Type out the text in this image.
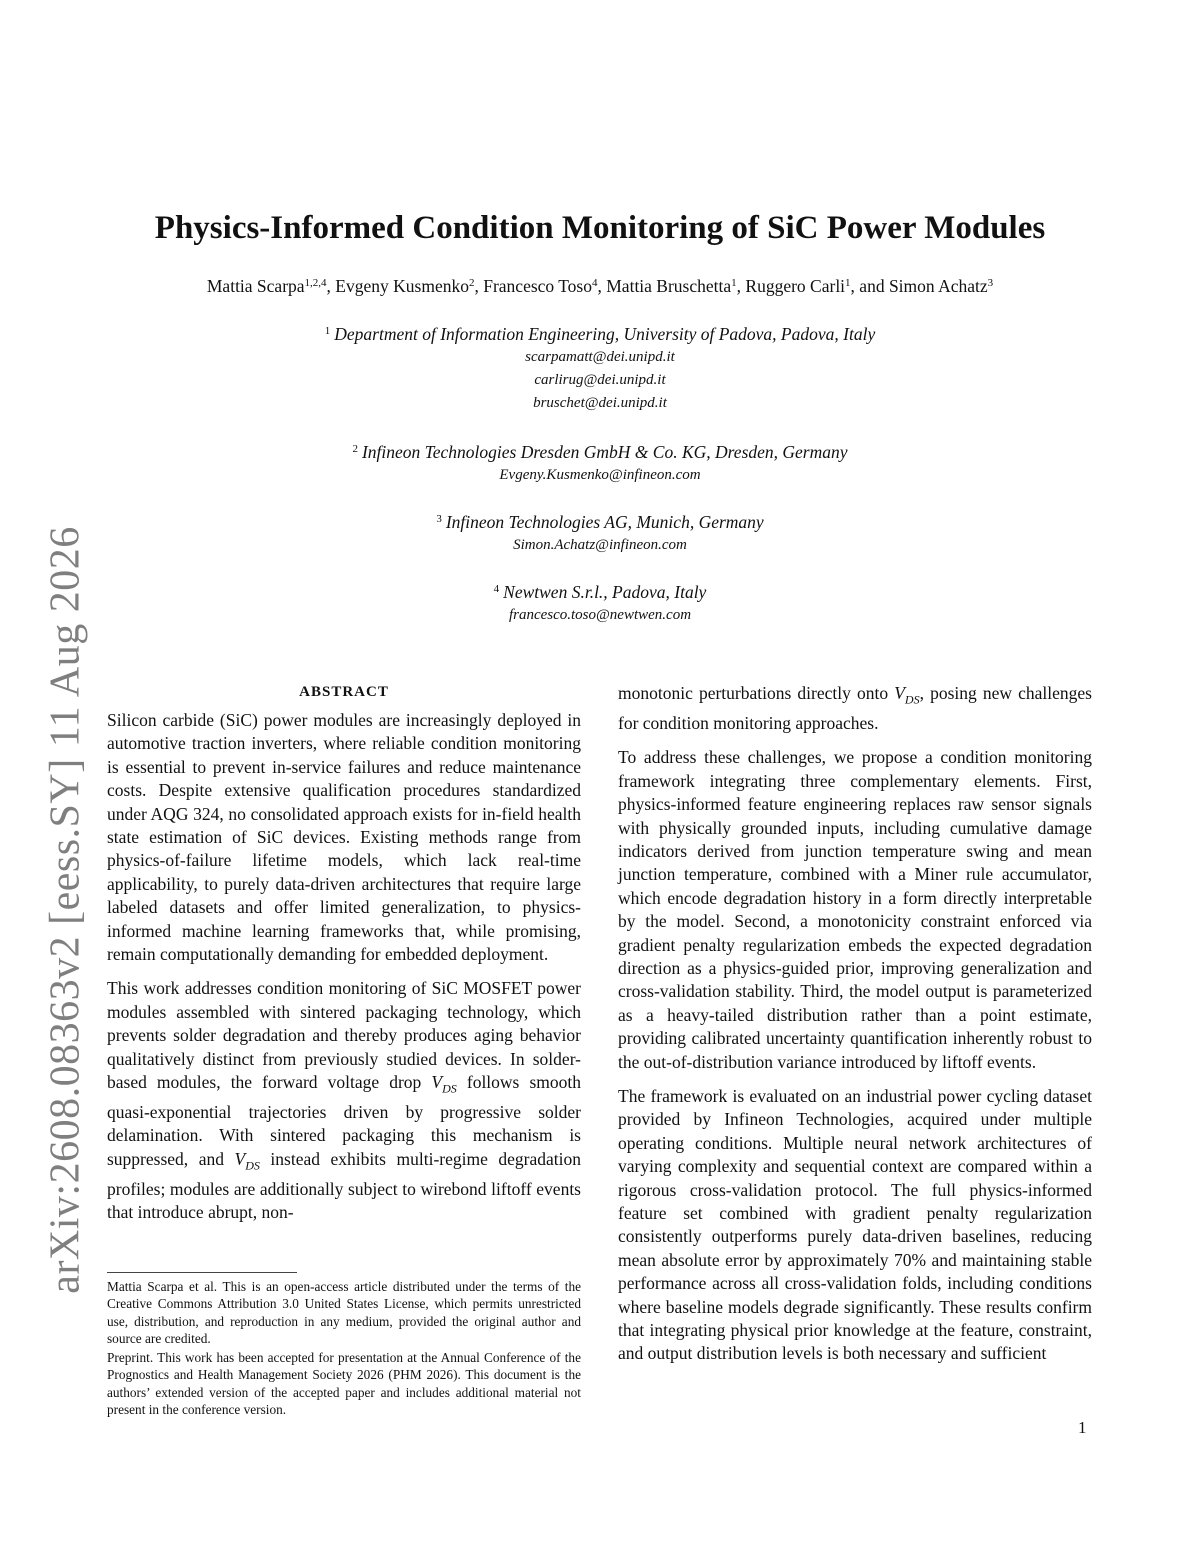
arXiv:2608.08363v2 [eess.SY] 11 Aug 2026
Physics-Informed Condition Monitoring of SiC Power Modules
Mattia Scarpa$^{1,2,4}$, Evgeny Kusmenko$^2$, Francesco Toso$^4$, Mattia Bruschetta$^1$, Ruggero Carli$^1$, and Simon Achatz$^3$
$^1$ Department of Information Engineering, University of Padova, Padova, Italy
scarpamatt@dei.unipd.it
carlirug@dei.unipd.it
bruschet@dei.unipd.it
$^2$ Infineon Technologies Dresden GmbH & Co. KG, Dresden, Germany
Evgeny.Kusmenko@infineon.com
$^3$ Infineon Technologies AG, Munich, Germany
Simon.Achatz@infineon.com
$^4$ Newtwen S.r.l., Padova, Italy
francesco.toso@newtwen.com
ABSTRACT

Silicon carbide (SiC) power modules are increasingly deployed in automotive traction inverters, where reliable condition monitoring is essential to prevent in-service failures and reduce maintenance costs. Despite extensive qualification procedures standardized under AQG 324, no consolidated approach exists for in-field health state estimation of SiC devices. Existing methods range from physics-of-failure lifetime models, which lack real-time applicability, to purely data-driven architectures that require large labeled datasets and offer limited generalization, to physics-informed machine learning frameworks that, while promising, remain computationally demanding for embedded deployment.

This work addresses condition monitoring of SiC MOSFET power modules assembled with sintered packaging technology, which prevents solder degradation and thereby produces aging behavior qualitatively distinct from previously studied devices. In solder-based modules, the forward voltage drop $V_{DS}$ follows smooth quasi-exponential trajectories driven by progressive solder delamination. With sintered packaging this mechanism is suppressed, and $V_{DS}$ instead exhibits multi-regime degradation profiles; modules are additionally subject to wirebond liftoff events that introduce abrupt, non-

Mattia Scarpa et al. This is an open-access article distributed under the terms of the Creative Commons Attribution 3.0 United States License, which permits unrestricted use, distribution, and reproduction in any medium, provided the original author and source are credited.

Preprint. This work has been accepted for presentation at the Annual Conference of the Prognostics and Health Management Society 2026 (PHM 2026). This document is the authors’ extended version of the accepted paper and includes additional material not present in the conference version.

monotonic perturbations directly onto $V_{DS}$, posing new challenges for condition monitoring approaches.

To address these challenges, we propose a condition monitoring framework integrating three complementary elements. First, physics-informed feature engineering replaces raw sensor signals with physically grounded inputs, including cumulative damage indicators derived from junction temperature swing and mean junction temperature, combined with a Miner rule accumulator, which encode degradation history in a form directly interpretable by the model. Second, a monotonicity constraint enforced via gradient penalty regularization embeds the expected degradation direction as a physics-guided prior, improving generalization and cross-validation stability. Third, the model output is parameterized as a heavy-tailed distribution rather than a point estimate, providing calibrated uncertainty quantification inherently robust to the out-of-distribution variance introduced by liftoff events.

The framework is evaluated on an industrial power cycling dataset provided by Infineon Technologies, acquired under multiple operating conditions. Multiple neural network architectures of varying complexity and sequential context are compared within a rigorous cross-validation protocol. The full physics-informed feature set combined with gradient penalty regularization consistently outperforms purely data-driven baselines, reducing mean absolute error by approximately 70% and maintaining stable performance across all cross-validation folds, including conditions where baseline models degrade significantly. These results confirm that integrating physical prior knowledge at the feature, constraint, and output distribution levels is both necessary and sufficient

1
